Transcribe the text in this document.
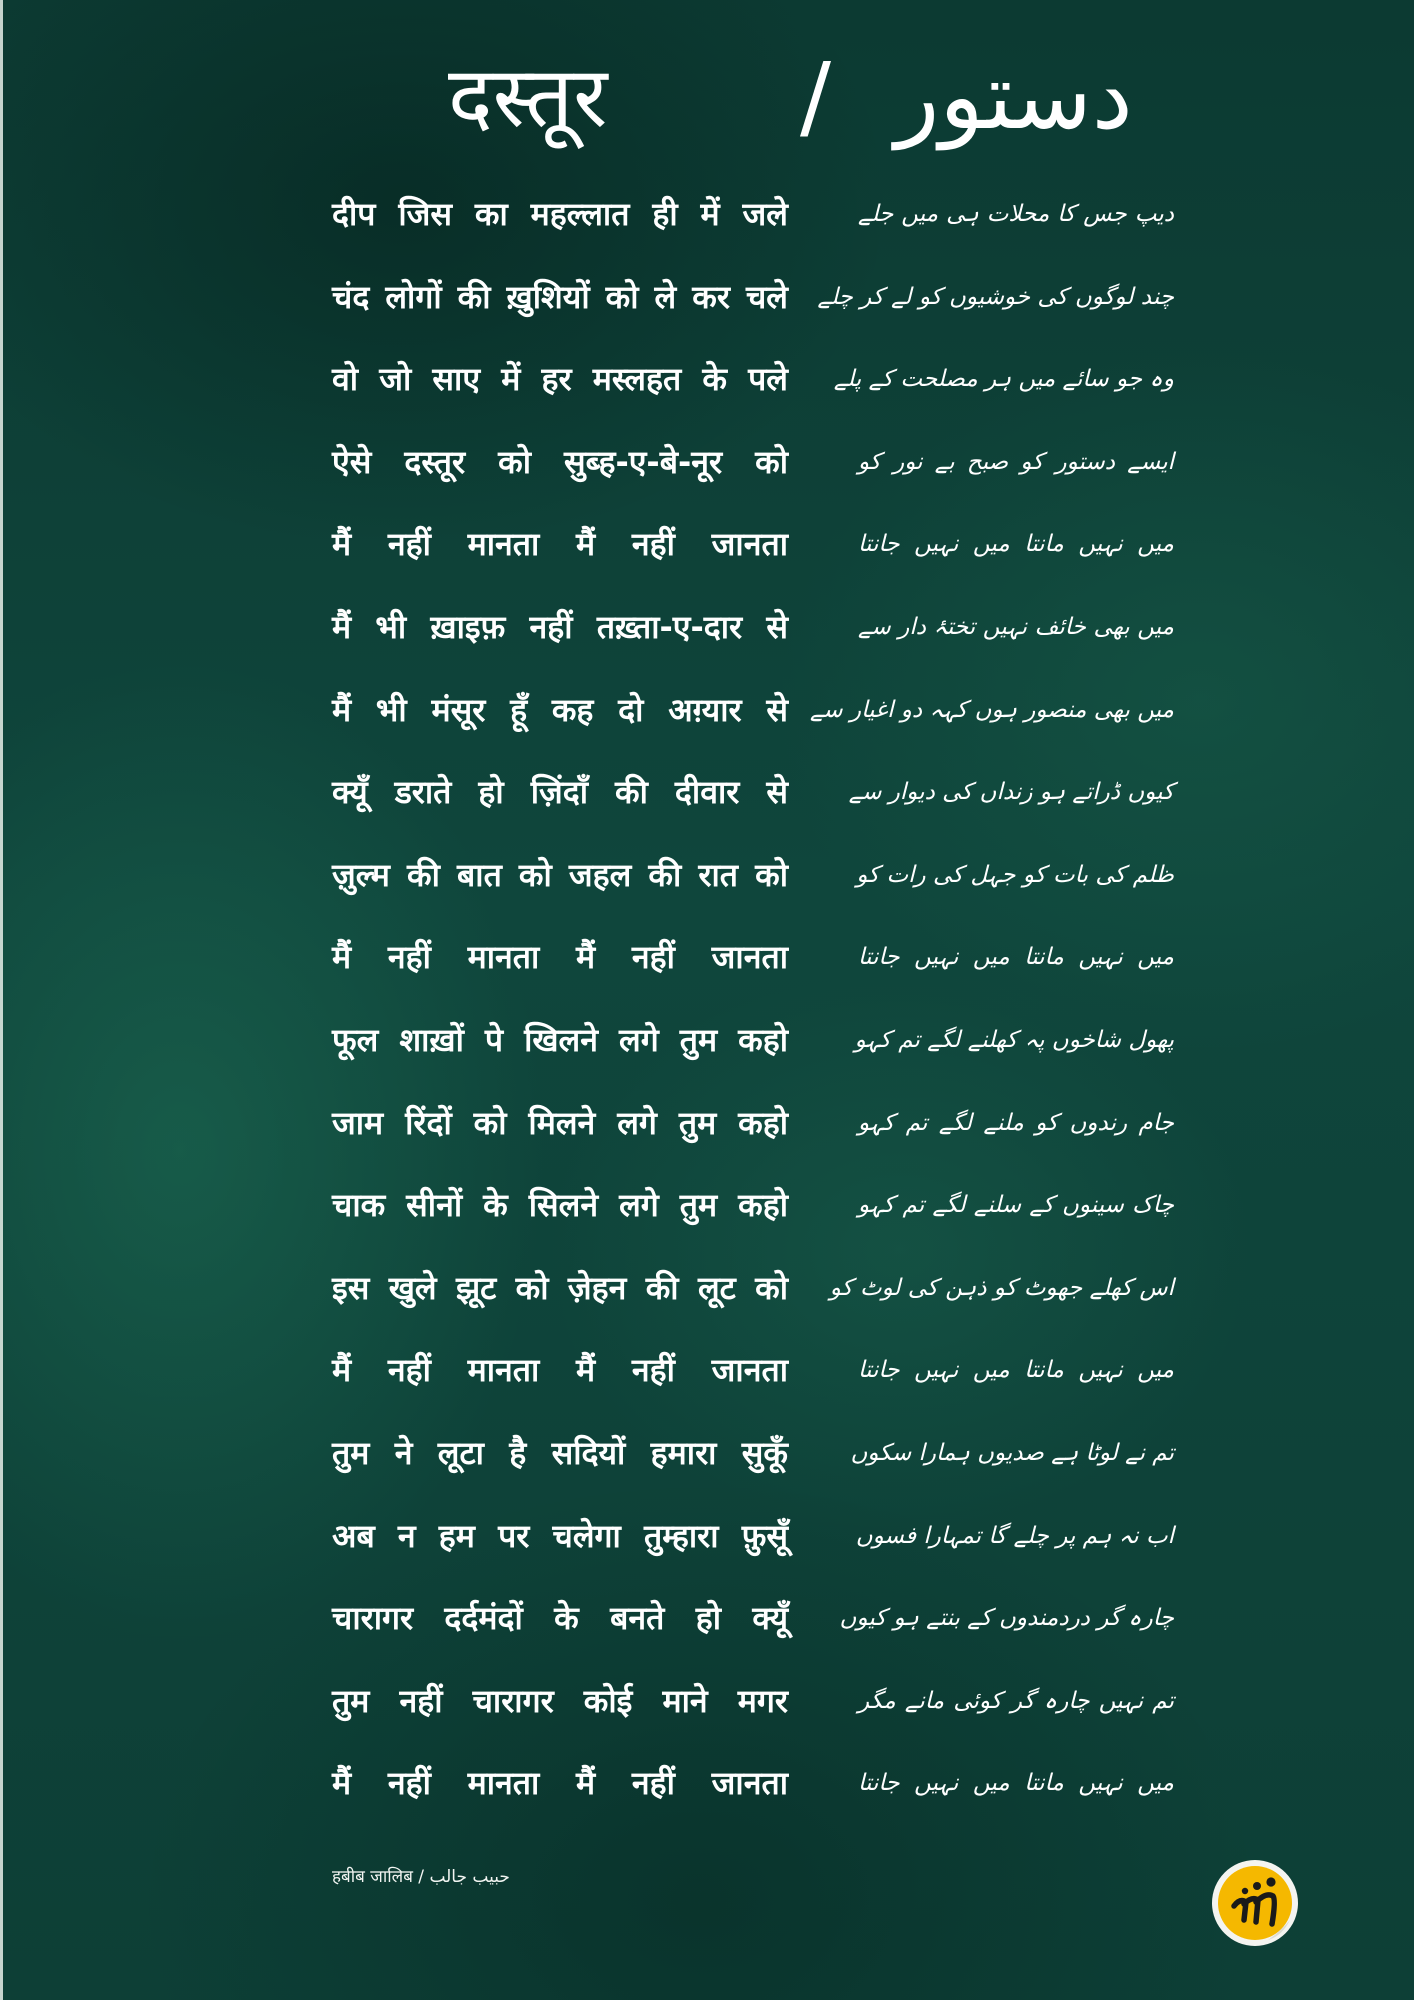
दस्तूर / دستور
दीप जिस का महल्लात ही में जले	دیپ جس کا محلات ہی میں جلے
चंद लोगों की ख़ुशियों को ले कर चले چند لوگوں کی خوشیوں کو لے کر چلے
वो जो साए में हर मस्लहत के पले وہ جو سائے میں ہر مصلحت کے پلے
ऐसे दस्तूर को सुब्ह-ए-बे-नूर को	ایسے دستور کو صبح بے نور کو
मैं नहीं मानता मैं नहीं जानता	میں نہیں مانتا میں نہیں جانتا
मैं भी ख़ाइफ़ नहीं तख़्ता-ए-दार से	میں بھی خائف نہیں تختۂ دار سے
मैं भी मंसूर हूँ कह दो अग़्यार से میں بھی منصور ہوں کہہ دو اغیار سے
क्यूँ डराते हो ज़िंदाँ की दीवार से	کیوں ڈراتے ہو زنداں کی دیوار سے
ज़ुल्म की बात को जहल की रात को	ظلم کی بات کو جہل کی رات کو
मैं नहीं मानता मैं नहीं जानता	میں نہیں مانتا میں نہیں جانتا
फूल शाख़ों पे खिलने लगे तुम कहो	پھول شاخوں پہ کھلنے لگے تم کہو
जाम रिंदों को मिलने लगे तुम कहो	جام رندوں کو ملنے لگے تم کہو
चाक सीनों के सिलने लगे तुम कहो	چاک سینوں کے سلنے لگے تم کہو
इस खुले झूट को ज़ेहन की लूट को اس کھلے جھوٹ کو ذہن کی لوٹ کو
मैं नहीं मानता मैं नहीं जानता	میں نہیں مانتا میں نہیں جانتا
तुम ने लूटा है सदियों हमारा सुकूँ	تم نے لوٹا ہے صدیوں ہمارا سکوں
अब न हम पर चलेगा तुम्हारा फ़ुसूँ	اب نہ ہم پر چلے گا تمہارا فسوں
चारागर दर्दमंदों के बनते हो क्यूँ چارہ گر دردمندوں کے بنتے ہو کیوں
तुम नहीं चारागर कोई माने मगर	تم نہیں چارہ گر کوئی مانے مگر
मैं नहीं मानता मैं नहीं जानता	میں نہیں مانتا میں نہیں جانتا
हबीब जालिब / حبیب جالب
